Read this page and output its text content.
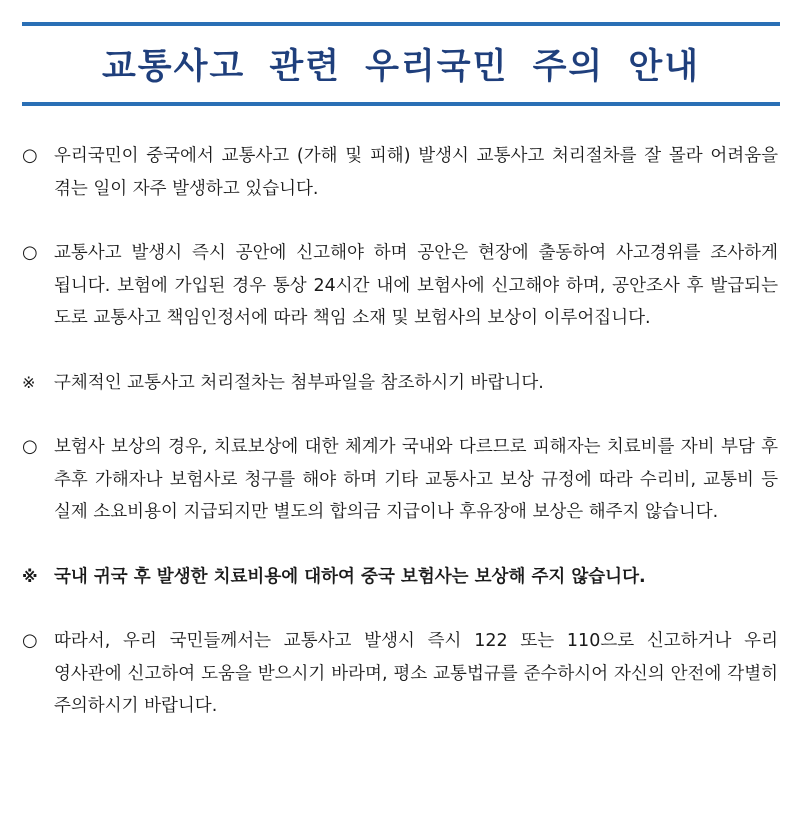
교통사고 관련 우리국민 주의 안내
○ 우리국민이 중국에서 교통사고 (가해 및 피해) 발생시 교통사고 처리절차를 잘 몰라 어려움을 겪는 일이 자주 발생하고 있습니다.

○ 교통사고 발생시 즉시 공안에 신고해야 하며 공안은 현장에 출동하여 사고경위를 조사하게 됩니다. 보험에 가입된 경우 통상 24시간 내에 보험사에 신고해야 하며, 공안조사 후 발급되는 도로 교통사고 책임인정서에 따라 책임 소재 및 보험사의 보상이 이루어집니다.

※	구체적인 교통사고 처리절차는 첨부파일을 참조하시기 바랍니다.

○ 보험사 보상의 경우, 치료보상에 대한 체계가 국내와 다르므로 피해자는 치료비를 자비 부담 후 추후 가해자나 보험사로 청구를 해야 하며 기타 교통사고 보상 규정에 따라 수리비, 교통비 등 실제 소요비용이 지급되지만 별도의 합의금 지급이나 후유장애 보상은 해주지 않습니다.

※ 국내 귀국 후 발생한 치료비용에 대하여 중국 보험사는 보상해 주지 않습니다.

○ 따라서, 우리 국민들께서는 교통사고 발생시 즉시 122 또는 110으로 신고하거나 우리 영사관에 신고하여 도움을 받으시기 바라며, 평소 교통법규를 준수하시어 자신의 안전에 각별히 주의하시기 바랍니다.
